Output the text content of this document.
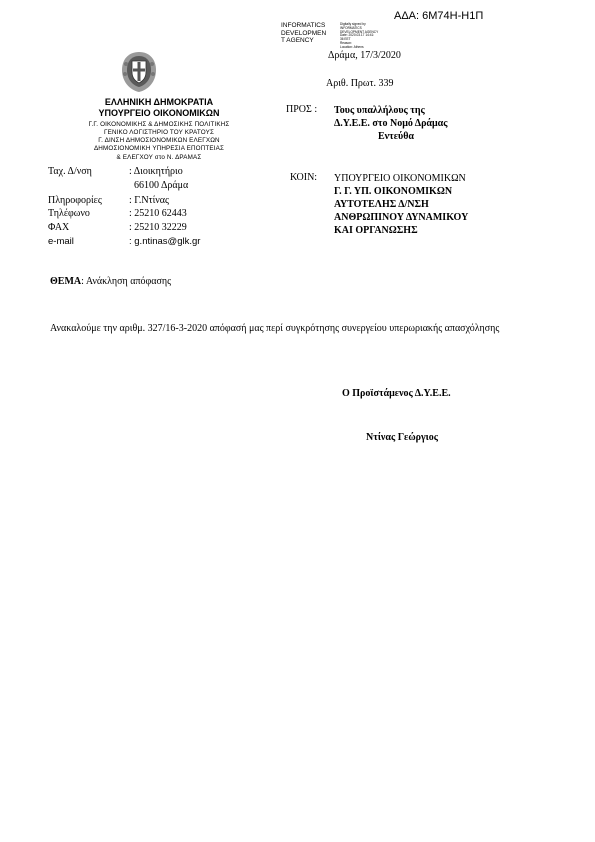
ΑΔΑ: 6Μ74Η-Η1Π
INFORMATICS
DEVELOPMEN
T AGENCY
Digitally signed by
INFORMATICS
DEVELOPMENT AGENCY
Date: 2020.03.17 14:41:
36 EET
Reason:
Location: Athens
Δράμα, 17/3/2020
Αριθ. Πρωτ. 339
ΕΛΛΗΝΙΚΗ ΔΗΜΟΚΡΑΤΙΑ
ΥΠΟΥΡΓΕΙΟ ΟΙΚΟΝΟΜΙΚΩΝ
Γ.Γ. ΟΙΚΟΝΟΜΙΚΗΣ & ΔΗΜΟΣΙΚΗΣ ΠΟΛΙΤΙΚΗΣ
ΓΕΝΙΚΟ ΛΟΓΙΣΤΗΡΙΟ ΤΟΥ ΚΡΑΤΟΥΣ
Γ. ΔΙΝΣΗ ΔΗΜΟΣΙΟΝΟΜΙΚΩΝ ΕΛΕΓΧΩΝ
ΔΗΜΟΣΙΟΝΟΜΙΚΗ ΥΠΗΡΕΣΙΑ ΕΠΟΠΤΕΙΑΣ
& ΕΛΕΓΧΟΥ στο Ν. ΔΡΑΜΑΣ
Ταχ. Δ/νση	: Διοικητήριο
66100 Δράμα
Πληροφορίες	: Γ.Ντίνας
Τηλέφωνο	: 25210 62443
ΦΑΧ	: 25210 32229
e-mail	: g.ntinas@glk.gr
ΠΡΟΣ : Τους υπαλλήλους της
Δ.Υ.Ε.Ε. στο Νομό Δράμας
Εντεύθα
ΚΟΙΝ: ΥΠΟΥΡΓΕΙΟ ΟΙΚΟΝΟΜΙΚΩΝ
Γ. Γ. ΥΠ. ΟΙΚΟΝΟΜΙΚΩΝ
ΑΥΤΟΤΕΛΗΣ Δ/ΝΣΗ
ΑΝΘΡΩΠΙΝΟΥ ΔΥΝΑΜΙΚΟΥ
ΚΑΙ ΟΡΓΑΝΩΣΗΣ
ΘΕΜΑ: Ανάκληση απόφασης
Ανακαλούμε την αριθμ. 327/16-3-2020 απόφασή μας περί συγκρότησης συνεργείου υπερωριακής απασχόλησης
Ο Προϊστάμενος Δ.Υ.Ε.Ε.
Ντίνας Γεώργιος
